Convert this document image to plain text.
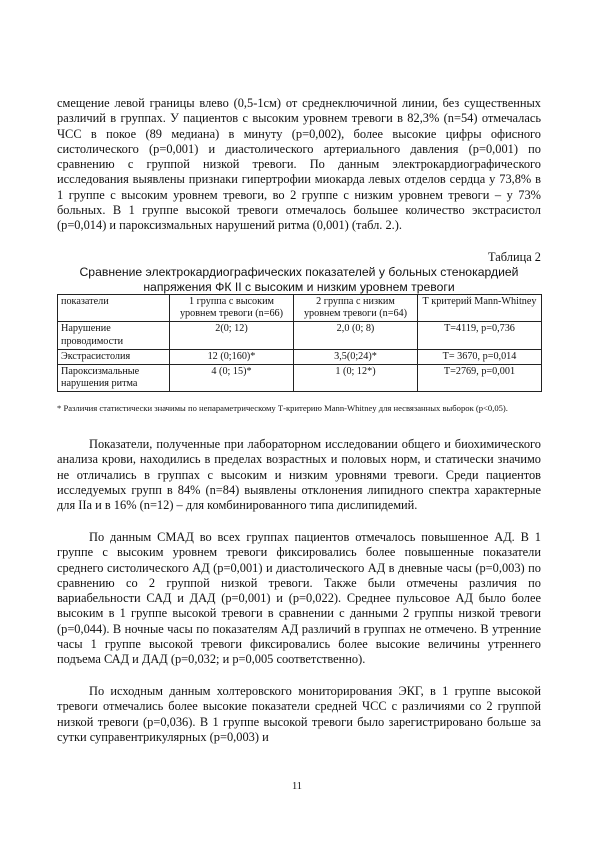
смещение левой границы влево (0,5-1см) от среднеключичной линии, без существенных различий в группах. У пациентов с высоким уровнем тревоги в 82,3% (n=54) отмечалась ЧСС в покое (89 медиана) в минуту (p=0,002), более высокие цифры офисного систолического (p=0,001) и диастолического артериального давления (p=0,001) по сравнению с группой низкой тревоги. По данным электрокардиографического исследования выявлены признаки гипертрофии миокарда левых отделов сердца у 73,8% в 1 группе с высоким уровнем тревоги, во 2 группе с низким уровнем тревоги – у 73% больных. В 1 группе высокой тревоги отмечалось большее количество экстрасистол (p=0,014) и пароксизмальных нарушений ритма (0,001) (табл. 2.).

Таблица 2

Сравнение электрокардиографических показателей у больных стенокардией напряжения ФК II с высоким и низким уровнем тревоги

показатели	1 группа с высоким уровнем тревоги (n=66)	2 группа с низким уровнем тревоги (n=64)	Т критерий Mann-Whitney
Нарушение проводимости	2(0; 12)	2,0 (0; 8)	T=4119, p=0,736
Экстрасистолия	12 (0;160)*	3,5(0;24)*	T= 3670, p=0,014
Пароксизмальные нарушения ритма	4 (0; 15)*	1 (0; 12*)	T=2769, p=0,001

* Различия статистически значимы по непараметрическому Т-критерию Mann-Whitney для несвязанных выборок (p<0,05).

Показатели, полученные при лабораторном исследовании общего и биохимического анализа крови, находились в пределах возрастных и половых норм, и статически значимо не отличались в группах с высоким и низким уровнями тревоги. Среди пациентов исследуемых групп в 84% (n=84) выявлены отклонения липидного спектра характерные для IIa и в 16% (n=12) – для комбинированного типа дислипидемий.

По данным СМАД во всех группах пациентов отмечалось повышенное АД. В 1 группе с высоким уровнем тревоги фиксировались более повышенные показатели среднего систолического АД (p=0,001) и диастолического АД в дневные часы (p=0,003) по сравнению со 2 группой низкой тревоги. Также были отмечены различия по вариабельности САД и ДАД (p=0,001) и (p=0,022). Среднее пульсовое АД было более высоким в 1 группе высокой тревоги в сравнении с данными 2 группы низкой тревоги (p=0,044). В ночные часы по показателям АД различий в группах не отмечено. В утренние часы 1 группе высокой тревоги фиксировались более высокие величины утреннего подъема САД и ДАД (p=0,032; и p=0,005 соответственно).

По исходным данным холтеровского мониторирования ЭКГ, в 1 группе высокой тревоги отмечались более высокие показатели средней ЧСС с различиями со 2 группой низкой тревоги (p=0,036). В 1 группе высокой тревоги было зарегистрировано больше за сутки суправентрикулярных (p=0,003) и

11
